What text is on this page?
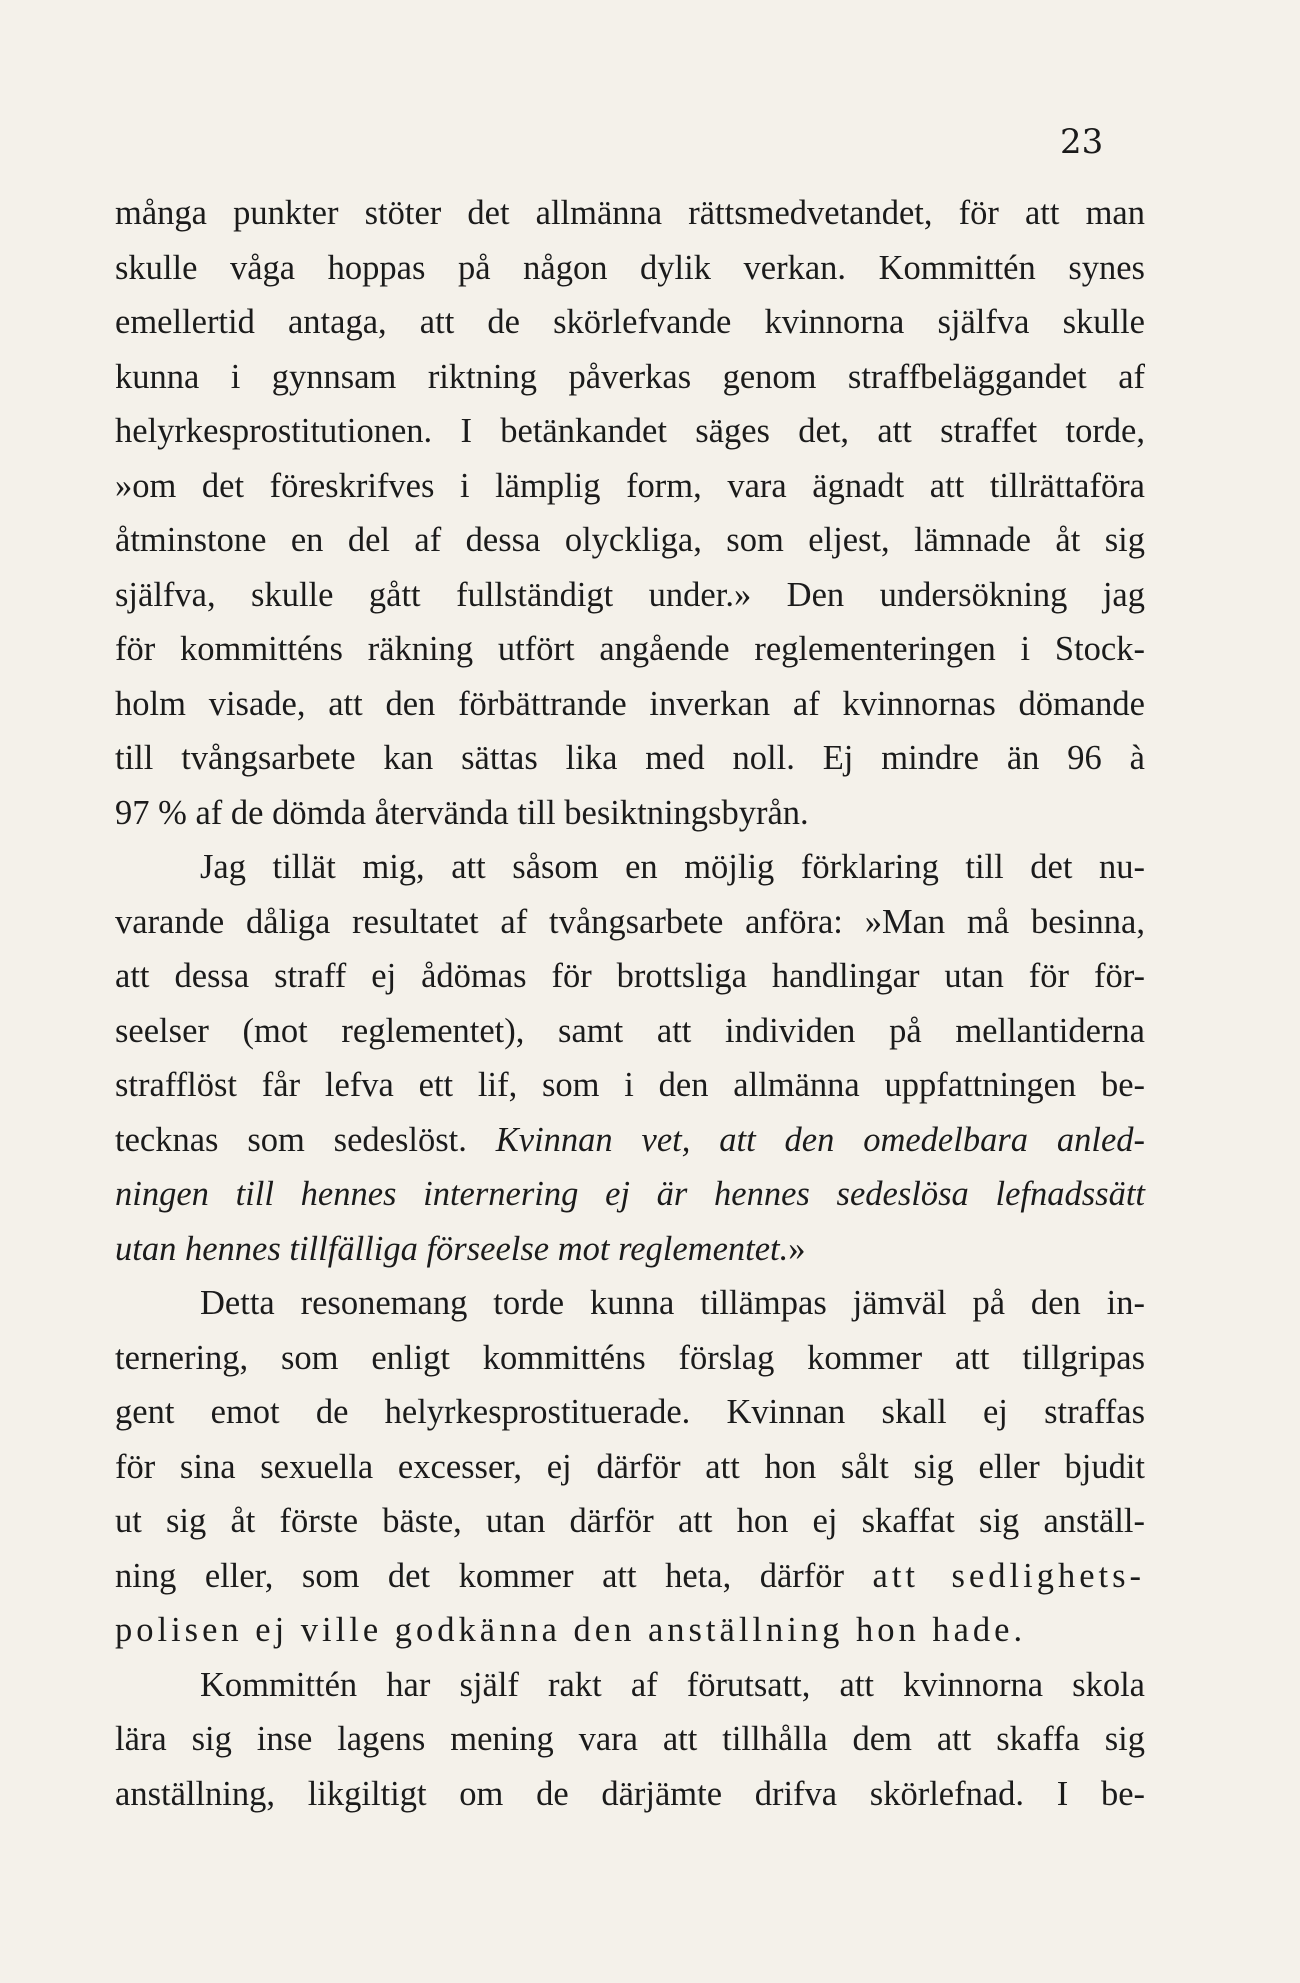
23
många punkter stöter det allmänna rättsmedvetandet, för att man
skulle våga hoppas på någon dylik verkan. Kommittén synes
emellertid antaga, att de skörlefvande kvinnorna själfva skulle
kunna i gynnsam riktning påverkas genom straffbeläggandet af
helyrkesprostitutionen. I betänkandet säges det, att straffet torde,
»om det föreskrifves i lämplig form, vara ägnadt att tillrättaföra
åtminstone en del af dessa olyckliga, som eljest, lämnade åt sig
själfva, skulle gått fullständigt under.» Den undersökning jag
för kommitténs räkning utfört angående reglementeringen i Stock-
holm visade, att den förbättrande inverkan af kvinnornas dömande
till tvångsarbete kan sättas lika med noll. Ej mindre än 96 à
97 % af de dömda återvända till besiktningsbyrån.
Jag tillät mig, att såsom en möjlig förklaring till det nu-
varande dåliga resultatet af tvångsarbete anföra: »Man må besinna,
att dessa straff ej ådömas för brottsliga handlingar utan för för-
seelser (mot reglementet), samt att individen på mellantiderna
strafflöst får lefva ett lif, som i den allmänna uppfattningen be-
tecknas som sedeslöst. Kvinnan vet, att den omedelbara anled-
ningen till hennes internering ej är hennes sedeslösa lefnadssätt
utan hennes tillfälliga förseelse mot reglementet.»
Detta resonemang torde kunna tillämpas jämväl på den in-
ternering, som enligt kommitténs förslag kommer att tillgripas
gent emot de helyrkesprostituerade. Kvinnan skall ej straffas
för sina sexuella excesser, ej därför att hon sålt sig eller bjudit
ut sig åt förste bäste, utan därför att hon ej skaffat sig anställ-
ning eller, som det kommer att heta, därför att sedlighets-
polisen ej ville godkänna den anställning hon hade.
Kommittén har själf rakt af förutsatt, att kvinnorna skola
lära sig inse lagens mening vara att tillhålla dem att skaffa sig
anställning, likgiltigt om de därjämte drifva skörlefnad. I be-
